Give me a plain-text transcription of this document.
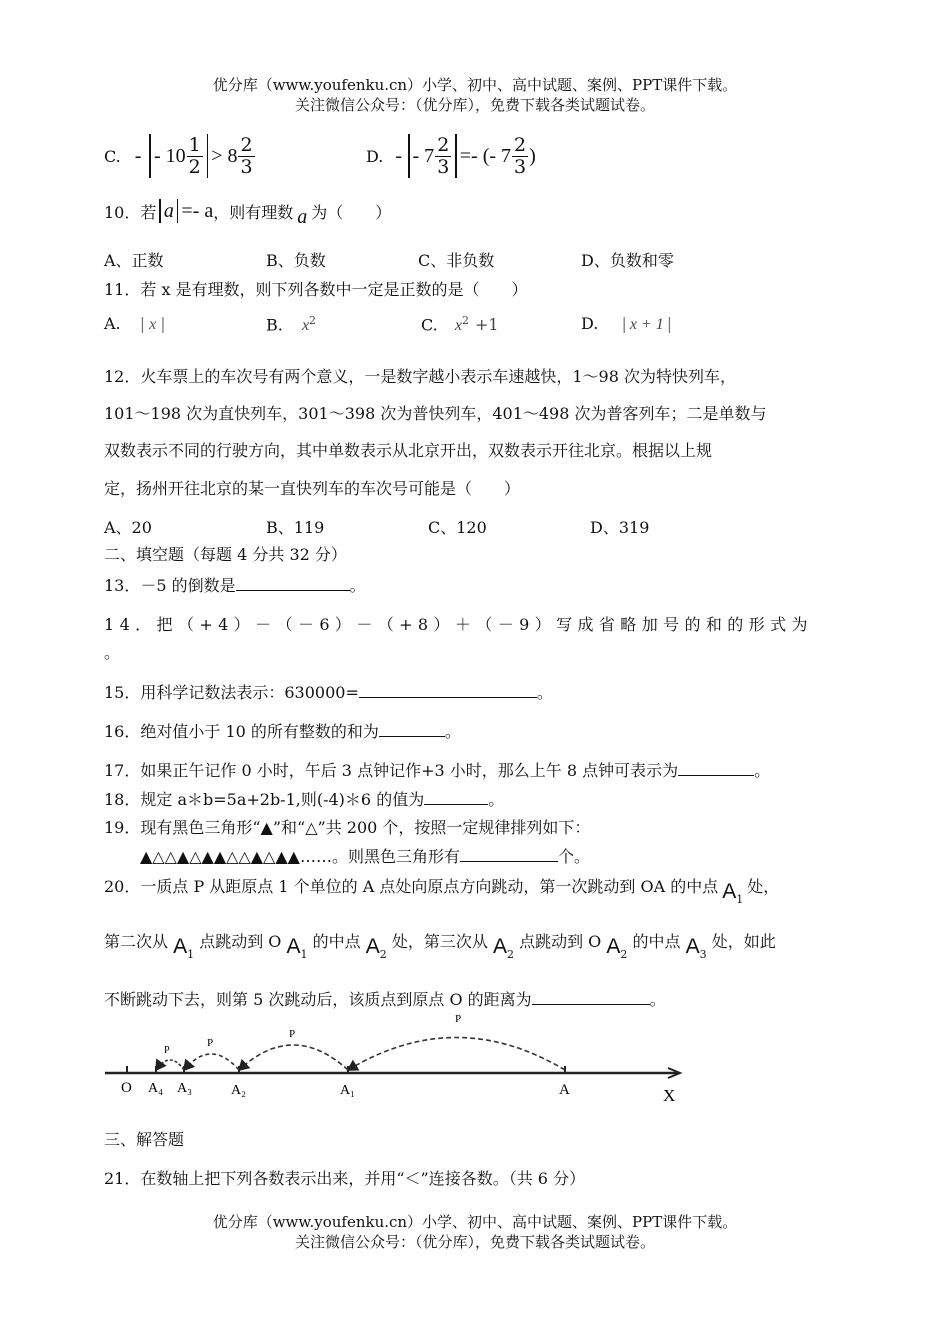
优分库（www.youfenku.cn）小学、初中、高中试题、案例、PPT课件下载。
关注微信公众号：（优分库），免费下载各类试题试卷。
C. - - $10 \frac{1}{2} > 8 \frac{2}{3}$	D. - - $7 \frac{2}{3}$ =- (- $7 \frac{2}{3}$ )
10．若 a =- a ，则有理数 a 为（　　）
A、正数	B、负数	C、非负数	D、负数和零
11．若 x 是有理数，则下列各数中一定是正数的是（　　）
A. | x |	B. $x^2$	C. $x^2 +1$	D. | x + 1 |
12．火车票上的车次号有两个意义，一是数字越小表示车速越快，1～98 次为特快列车，
101～198 次为直快列车，301～398 次为普快列车，401～498 次为普客列车；二是单数与
双数表示不同的行驶方向，其中单数表示从北京开出，双数表示开往北京。根据以上规
定，扬州开往北京的某一直快列车的车次号可能是（　　）
A、20	B、119	C、120	D、319
二、填空题（每题 4 分共 32 分）
13．－5 的倒数是	。
14．把（+4）－（－6）－（+8）＋（－9）写成省略加号的和的形式为
。
15．用科学记数法表示：630000=	。
16．绝对值小于 10 的所有整数的和为	。
17．如果正午记作 0 小时，午后 3 点钟记作+3 小时，那么上午 8 点钟可表示为	。
18．规定 a＊b=5a+2b-1,则(-4)＊6 的值为	。
19．现有黑色三角形“▲”和“△”共 200 个，按照一定规律排列如下：
▲△△▲△▲▲△△▲△▲▲……。则黑色三角形有	个。
20．一质点 P 从距原点 1 个单位的 A 点处向原点方向跳动，第一次跳动到 OA 的中点 $A_1$处，
第二次从 $A_1$ 点跳动到 O $A_1$ 的中点 $A_2$ 处，第三次从 $A_2$ 点跳动到 O $A_2$ 的中点 $A_3$ 处，如此
不断跳动下去，则第 5 次跳动后，该质点到原点 O 的距离为	。
P
P
P
P
O A₄ A₃	A₂	A₁	A	X
三、解答题
21．在数轴上把下列各数表示出来，并用“＜”连接各数。（共 6 分）
优分库（www.youfenku.cn）小学、初中、高中试题、案例、PPT课件下载。
关注微信公众号：（优分库），免费下载各类试题试卷。
